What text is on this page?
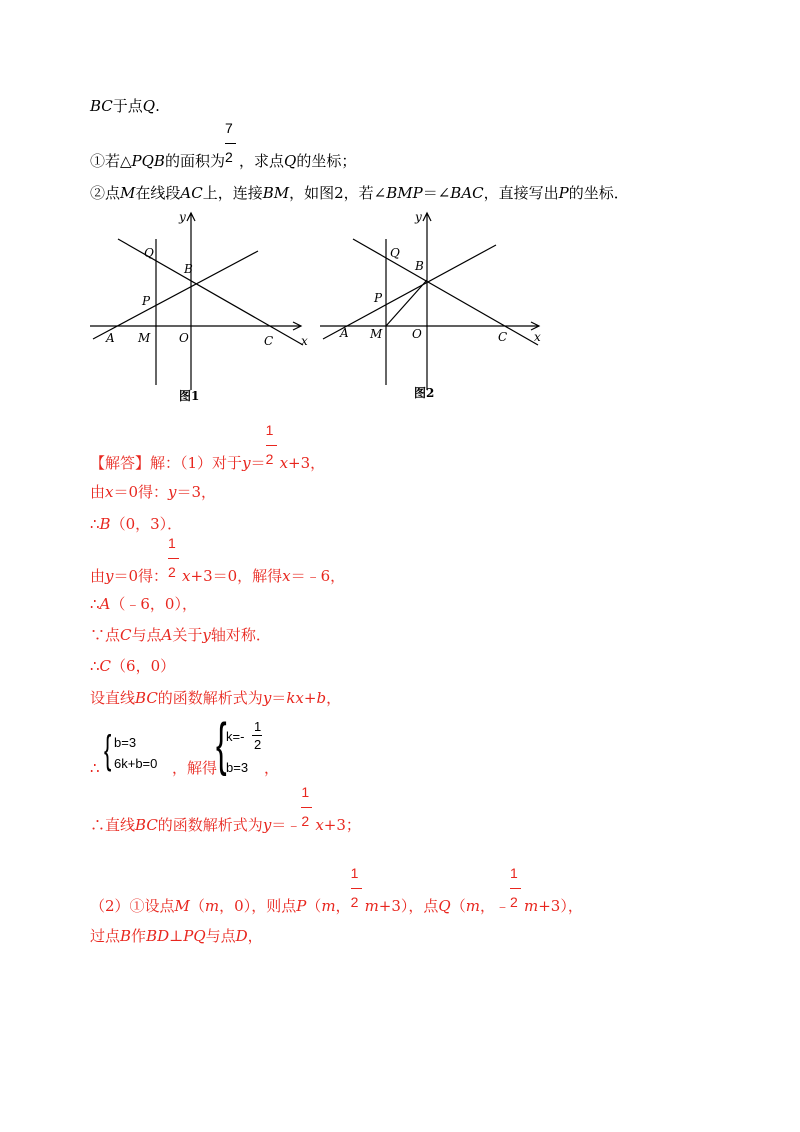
BC于点Q.
①若△PQB的面积为 $\frac{7}{2}$ ，求点Q的坐标；
②点M在线段AC上，连接BM，如图2，若∠BMP＝∠BAC，直接写出P的坐标．
y
Q
B
P
A M O	C x
图1
y
Q
B
P
A M O	C x
图2
【解答】解：（1）对于$y= \frac{1}{2} x+3$，
由x＝0得：y＝3，
∴B（0，3）．
由y＝0得： $\frac{1}{2} x+3=0$，解得x＝﹣6，
∴A（﹣6，0），
∵点C与点A关于y轴对称．
∴C（6，0）
设直线BC的函数解析式为y＝kx+b，
∴ { b=3
6k+b=0 ，解得
{ k=-
1
2
b=3 ，
∴直线BC的函数解析式为y＝﹣ $\frac{1}{2} x+3$；
（2）①设点M（m，0），则点P（m， $\frac{1}{2} m+3$），点Q（m，﹣ $\frac{1}{2} m+3$），
过点B作BD⊥PQ与点D，
